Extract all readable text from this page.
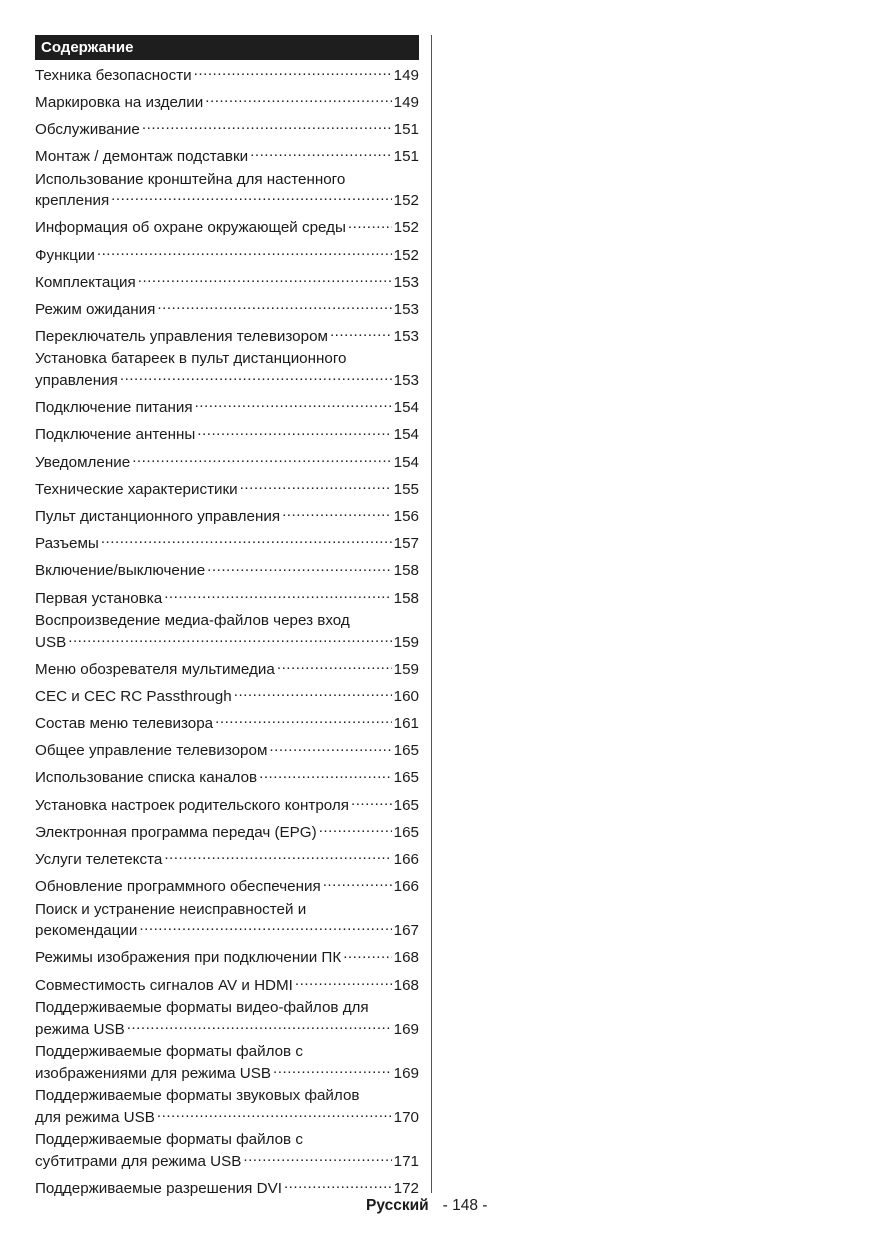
Содержание
Техника безопасности .....	149
Маркировка на изделии .....	149
Обслуживание .....	151
Монтаж / демонтаж подставки .....	151
Использование кронштейна для настенного
крепления .....	152
Информация об охране окружающей среды .....	152
Функции .....	152
Комплектация .....	153
Режим ожидания .....	153
Переключатель управления телевизором .....	153
Установка батареек в пульт дистанционного
управления .....	153
Подключение питания .....	154
Подключение антенны .....	154
Уведомление .....	154
Технические характеристики .....	155
Пульт дистанционного управления .....	156
Разъемы .....	157
Включение/выключение .....	158
Первая установка .....	158
Воспроизведение медиа-файлов через вход
USB .....	159
Меню обозревателя мультимедиа .....	159
CEC и CEC RC Passthrough .....	160
Состав меню телевизора .....	161
Общее управление телевизором .....	165
Использование списка каналов .....	165
Установка настроек родительского контроля .....	165
Электронная программа передач (EPG) .....	165
Услуги телетекста .....	166
Обновление программного обеспечения .....	166
Поиск и устранение неисправностей и
рекомендации .....	167
Режимы изображения при подключении ПК .....	168
Совместимость сигналов AV и HDMI .....	168
Поддерживаемые форматы видео-файлов для
режима USB .....	169
Поддерживаемые форматы файлов с
изображениями для режима USB .....	169
Поддерживаемые форматы звуковых файлов
для режима USB .....	170
Поддерживаемые форматы файлов с
субтитрами для режима USB .....	171
Поддерживаемые разрешения DVI .....	172
Русский - 148 -
